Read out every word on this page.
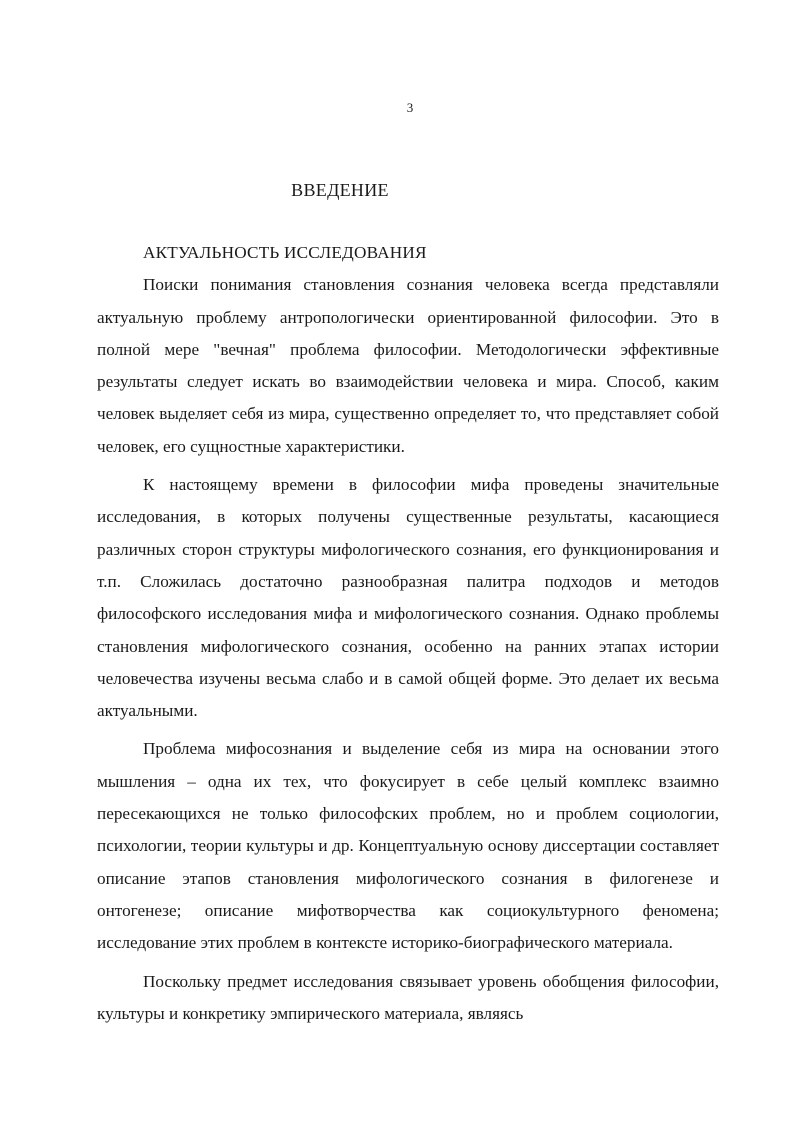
3
ВВЕДЕНИЕ
АКТУАЛЬНОСТЬ ИССЛЕДОВАНИЯ

Поиски понимания становления сознания человека всегда представляли актуальную проблему антропологически ориентированной философии. Это в полной мере "вечная" проблема философии. Методологически эффективные результаты следует искать во взаимодействии человека и мира. Способ, каким человек выделяет себя из мира, существенно определяет то, что представляет собой человек, его сущностные характеристики.

К настоящему времени в философии мифа проведены значительные исследования, в которых получены существенные результаты, касающиеся различных сторон структуры мифологического сознания, его функционирования и т.п. Сложилась достаточно разнообразная палитра подходов и методов философского исследования мифа и мифологического сознания. Однако проблемы становления мифологического сознания, особенно на ранних этапах истории человечества изучены весьма слабо и в самой общей форме. Это делает их весьма актуальными.

Проблема мифосознания и выделение себя из мира на основании этого мышления – одна их тех, что фокусирует в себе целый комплекс взаимно пересекающихся не только философских проблем, но и проблем социологии, психологии, теории культуры и др. Концептуальную основу диссертации составляет описание этапов становления мифологического сознания в филогенезе и онтогенезе; описание мифотворчества как социокультурного феномена; исследование этих проблем в контексте историко-биографического материала.

Поскольку предмет исследования связывает уровень обобщения философии, культуры и конкретику эмпирического материала, являясь
